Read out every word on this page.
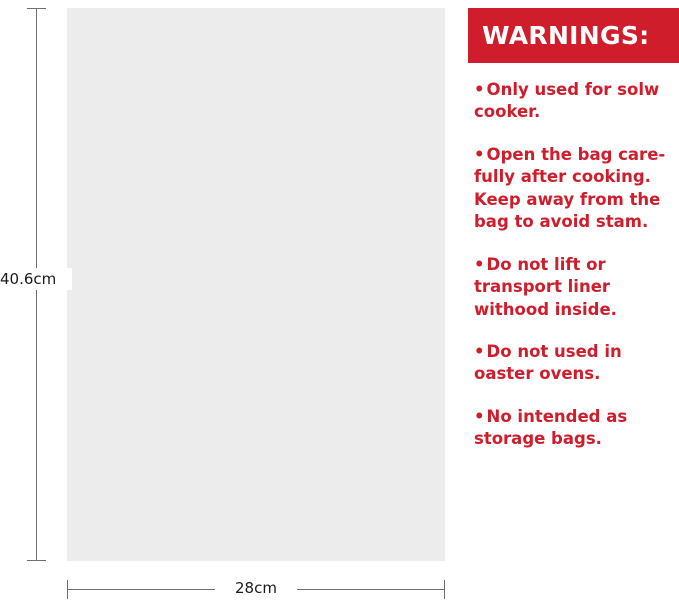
40.6cm
28cm
WARNINGS:
• Only used for solw cooker.
• Open the bag care-fully after cooking. Keep away from the bag to avoid stam.
• Do not lift or transport liner withood inside.
• Do not used in oaster ovens.
• No intended as storage bags.
